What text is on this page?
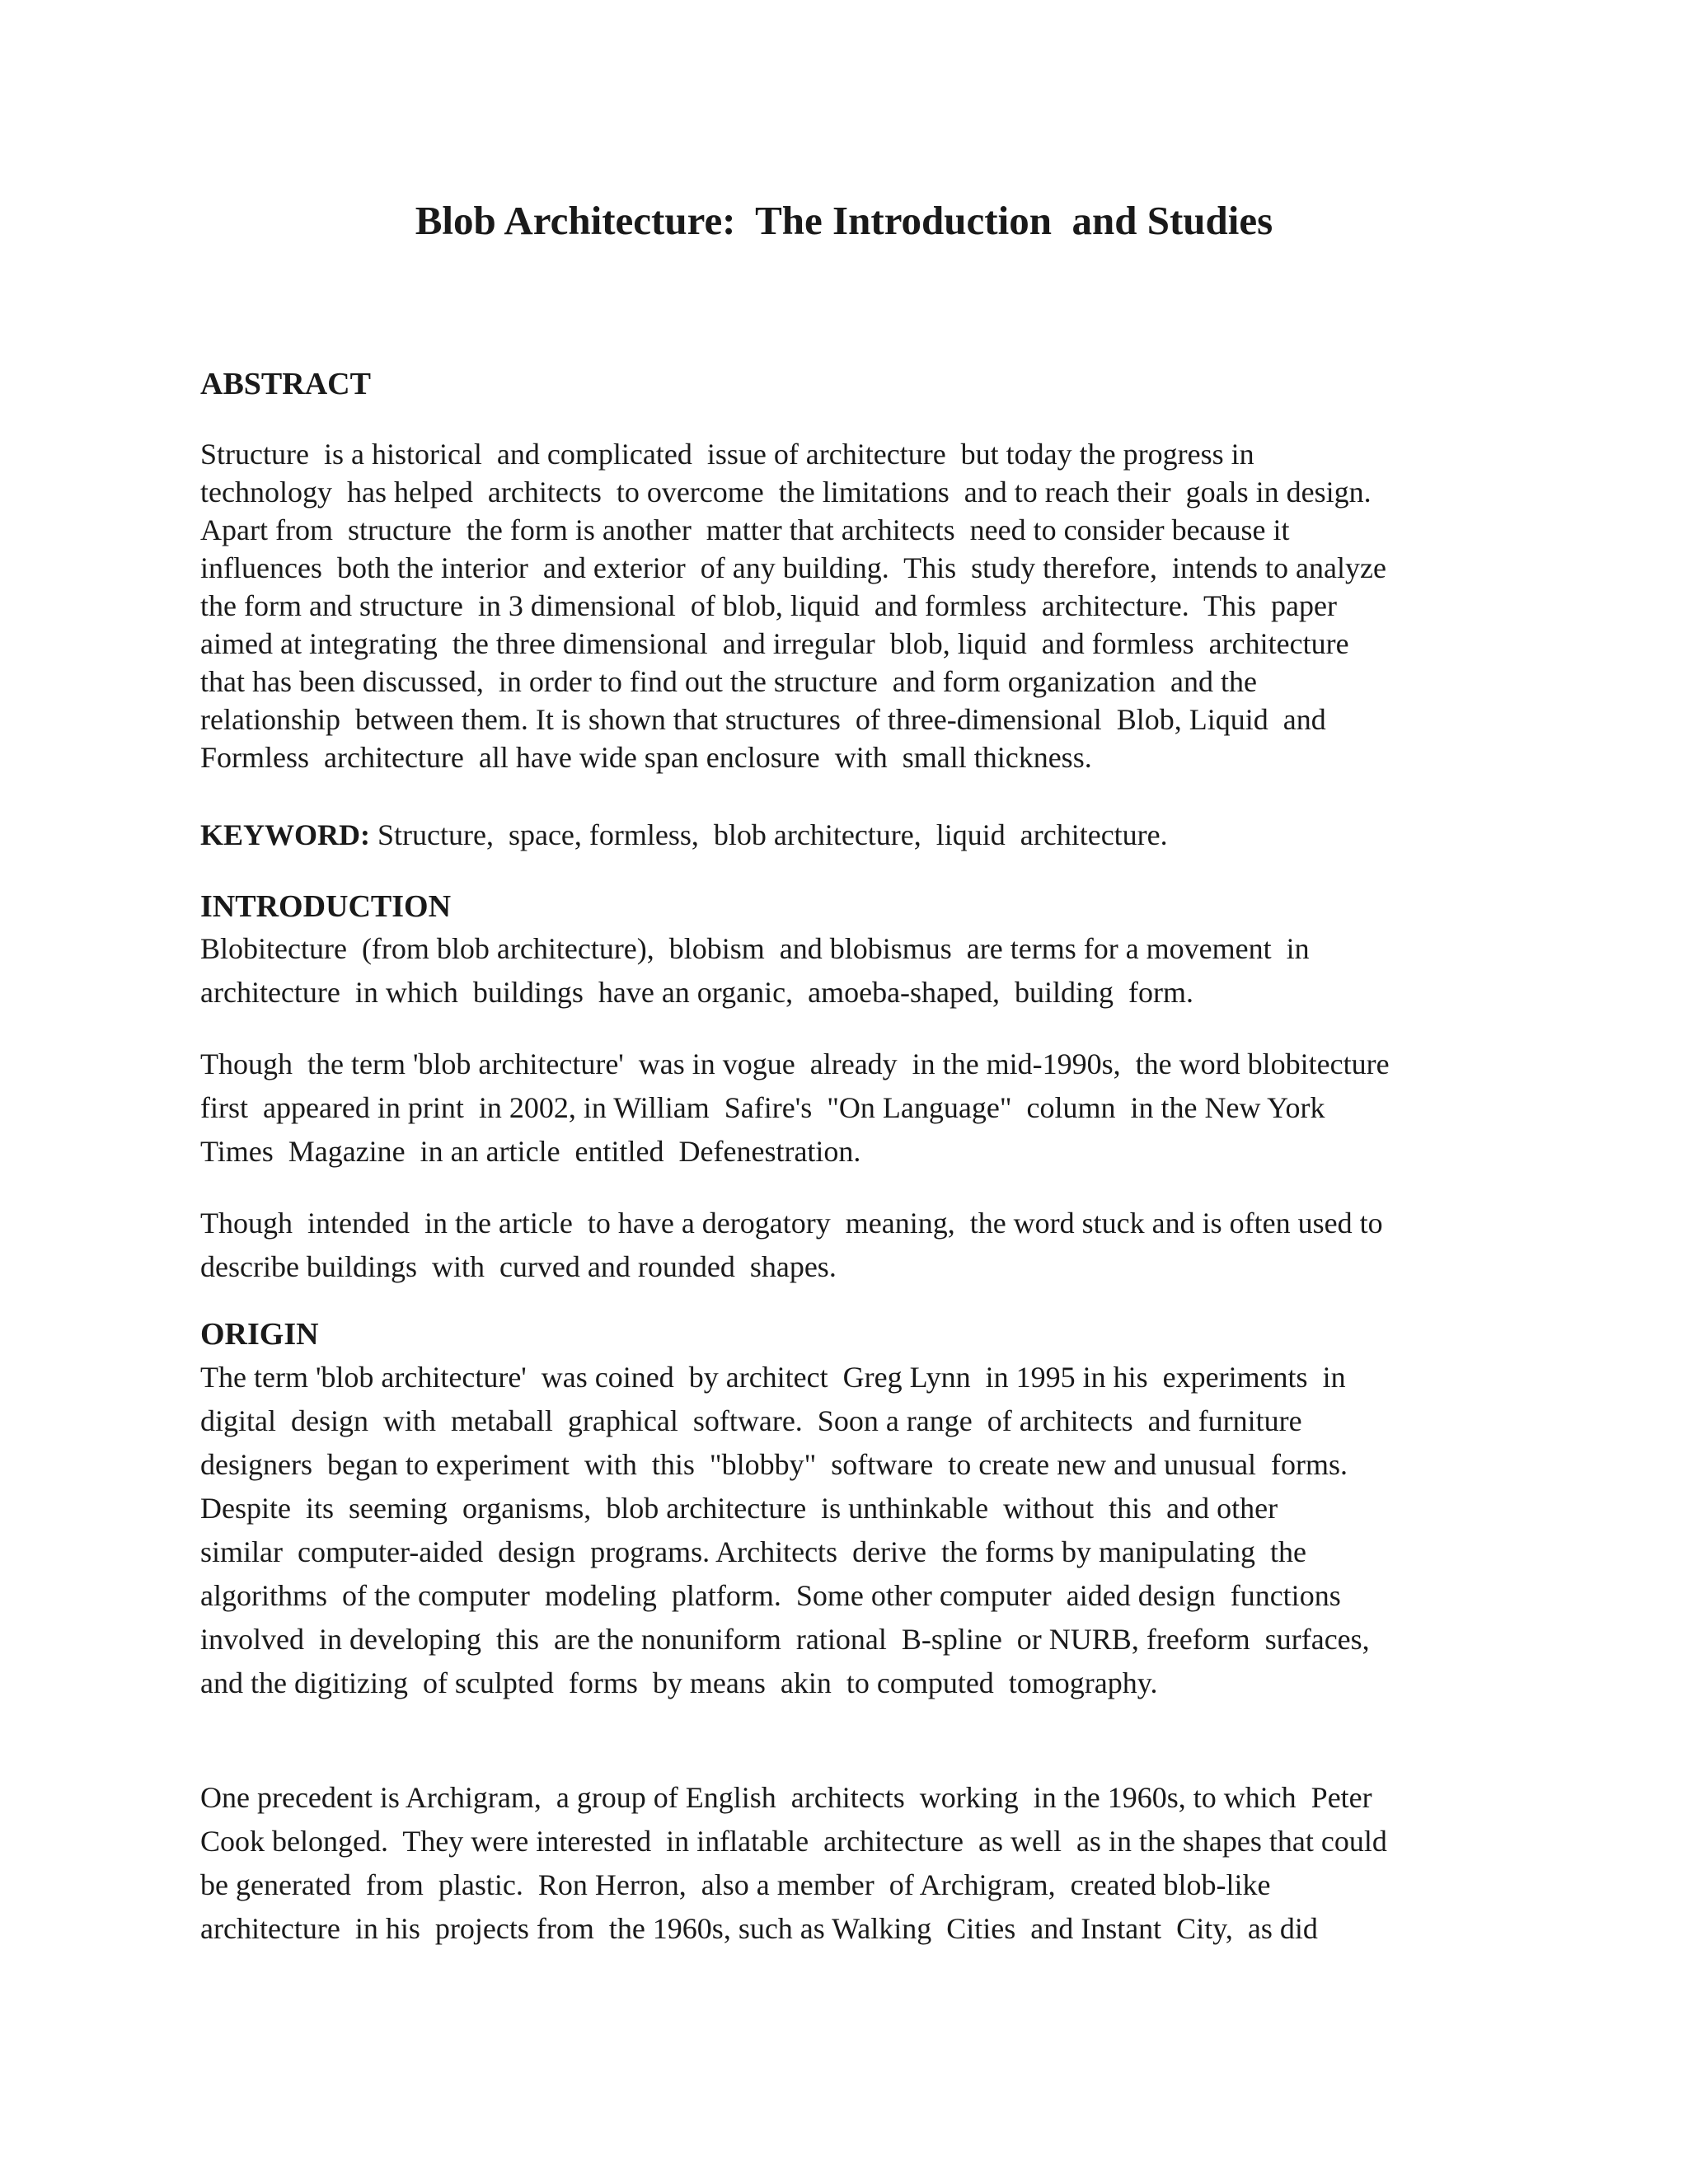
Blob Architecture:  The Introduction  and Studies
ABSTRACT
Structure  is a historical  and complicated  issue of architecture  but today the progress in
technology  has helped  architects  to overcome  the limitations  and to reach their  goals in design.
Apart from  structure  the form is another  matter that architects  need to consider because it
influences  both the interior  and exterior  of any building.  This  study therefore,  intends to analyze
the form and structure  in 3 dimensional  of blob, liquid  and formless  architecture.  This  paper
aimed at integrating  the three dimensional  and irregular  blob, liquid  and formless  architecture
that has been discussed,  in order to find out the structure  and form organization  and the
relationship  between them. It is shown that structures  of three-dimensional  Blob, Liquid  and
Formless  architecture  all have wide span enclosure  with  small thickness.
KEYWORD: Structure,  space, formless,  blob architecture,  liquid  architecture.
INTRODUCTION
Blobitecture  (from blob architecture),  blobism  and blobismus  are terms for a movement  in
architecture  in which  buildings  have an organic,  amoeba-shaped,  building  form.
Though  the term 'blob architecture'  was in vogue  already  in the mid-1990s,  the word blobitecture
first  appeared in print  in 2002, in William  Safire's  "On Language"  column  in the New York
Times  Magazine  in an article  entitled  Defenestration.
Though  intended  in the article  to have a derogatory  meaning,  the word stuck and is often used to
describe buildings  with  curved and rounded  shapes.
ORIGIN
The term 'blob architecture'  was coined  by architect  Greg Lynn  in 1995 in his  experiments  in
digital  design  with  metaball  graphical  software.  Soon a range  of architects  and furniture
designers  began to experiment  with  this  "blobby"  software  to create new and unusual  forms.
Despite  its  seeming  organisms,  blob architecture  is unthinkable  without  this  and other
similar  computer-aided  design  programs. Architects  derive  the forms by manipulating  the
algorithms  of the computer  modeling  platform.  Some other computer  aided design  functions
involved  in developing  this  are the nonuniform  rational  B-spline  or NURB, freeform  surfaces,
and the digitizing  of sculpted  forms  by means  akin  to computed  tomography.
One precedent is Archigram,  a group of English  architects  working  in the 1960s, to which  Peter
Cook belonged.  They were interested  in inflatable  architecture  as well  as in the shapes that could
be generated  from  plastic.  Ron Herron,  also a member  of Archigram,  created blob-like
architecture  in his  projects from  the 1960s, such as Walking  Cities  and Instant  City,  as did
